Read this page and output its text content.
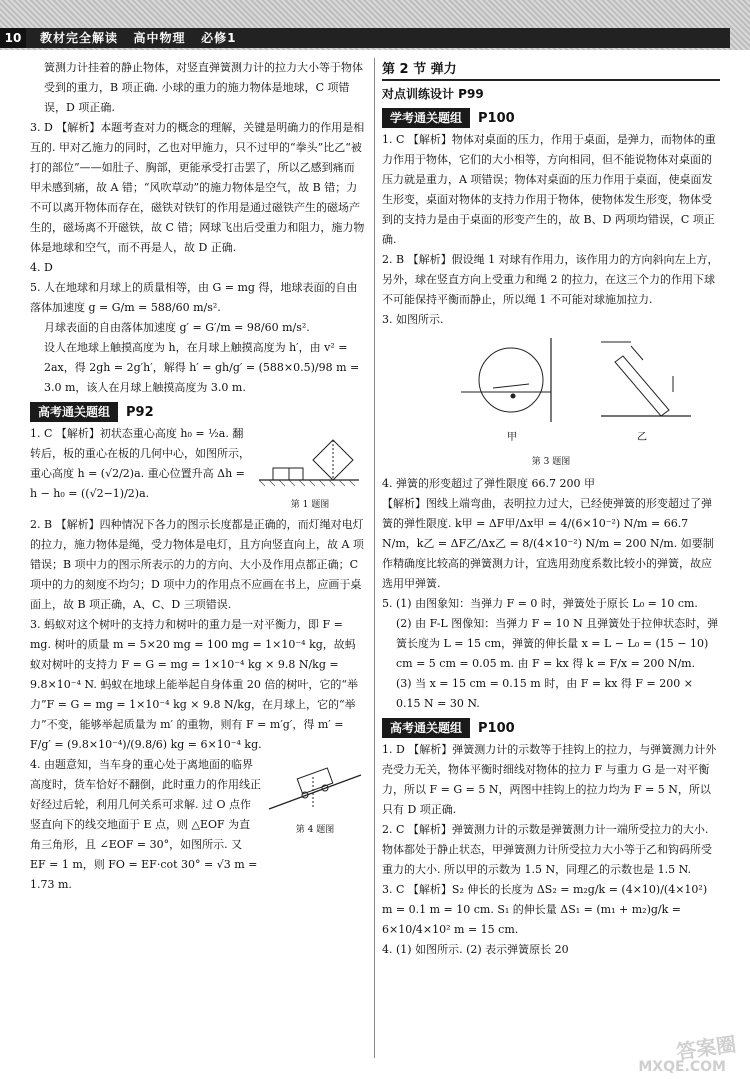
10	教材完全解读   高中物理   必修1

簧测力计挂着的静止物体，对竖直弹簧测力计的拉力大小等于物体受到的重力，B 项正确. 小球的重力的施力物体是地球，C 项错误，D 项正确.

3. D 【解析】本题考查对力的概念的理解，关键是明确力的作用是相互的. 甲对乙施力的同时，乙也对甲施力，只不过甲的“拳头”比乙“被打的部位”——如肚子、胸部，更能承受打击罢了，所以乙感到痛而甲未感到痛，故 A 错；“风吹草动”的施力物体是空气，故 B 错；力不可以离开物体而存在，磁铁对铁钉的作用是通过磁铁产生的磁场产生的，磁场离不开磁铁，故 C 错；网球飞出后受重力和阻力，施力物体是地球和空气，而不再是人，故 D 正确.

4. D

5. 人在地球和月球上的质量相等，由 G = mg 得，地球表面的自由落体加速度 g = G/m = 588/60 m/s².

月球表面的自由落体加速度 g′ = G′/m = 98/60 m/s².

设人在地球上触摸高度为 h，在月球上触摸高度为 h′，由 v² = 2ax，得 2gh = 2g′h′，解得 h′ = gh/g′ = (588×0.5)/98 m = 3.0 m，该人在月球上触摸高度为 3.0 m.

高考通关题组 P92

1. C 【解析】初状态重心高度 h₀ = ½a. 翻转后，板的重心在板的几何中心，如图所示，重心高度 h = (√2/2)a. 重心位置升高 Δh = h − h₀ = ((√2−1)/2)a.

第 1 题图

2. B 【解析】四种情况下各力的图示长度都是正确的，而灯绳对电灯的拉力，施力物体是绳，受力物体是电灯，且方向竖直向上，故 A 项错误；B 项中力的图示所表示的力的方向、大小及作用点都正确；C 项中的力的刻度不均匀；D 项中力的作用点不应画在书上，应画于桌面上，故 B 项正确，A、C、D 三项错误.

3. 蚂蚁对这个树叶的支持力和树叶的重力是一对平衡力，即 F = mg. 树叶的质量 m = 5×20 mg = 100 mg = 1×10⁻⁴ kg，故蚂蚁对树叶的支持力 F = G = mg = 1×10⁻⁴ kg × 9.8 N/kg = 9.8×10⁻⁴ N. 蚂蚁在地球上能举起自身体重 20 倍的树叶，它的“举力”F = G = mg = 1×10⁻⁴ kg × 9.8 N/kg，在月球上，它的“举力”不变，能够举起质量为 m′ 的重物，则有 F = m′g′，得 m′ = F/g′ = (9.8×10⁻⁴)/(9.8/6) kg = 6×10⁻⁴ kg.

4. 由题意知，当车身的重心处于离地面的临界高度时，货车恰好不翻倒，此时重力的作用线正好经过后轮，利用几何关系可求解. 过 O 点作竖直向下的线交地面于 E 点，则 △EOF 为直角三角形，且 ∠EOF = 30°，如图所示. 又 EF = 1 m，则 FO = EF·cot 30° = √3 m = 1.73 m.

第 4 题图
第 2 节 弹力
对点训练设计 P99
学考通关题组 P100

1. C 【解析】物体对桌面的压力，作用于桌面，是弹力，而物体的重力作用于物体，它们的大小相等，方向相同，但不能说物体对桌面的压力就是重力，A 项错误；物体对桌面的压力作用于桌面，使桌面发生形变，桌面对物体的支持力作用于物体，使物体发生形变，物体受到的支持力是由于桌面的形变产生的，故 B、D 两项均错误，C 项正确.

2. B 【解析】假设绳 1 对球有作用力，该作用力的方向斜向左上方，另外，球在竖直方向上受重力和绳 2 的拉力，在这三个力的作用下球不可能保持平衡而静止，所以绳 1 不可能对球施加拉力.

3. 如图所示.

甲	乙
第 3 题图

4. 弹簧的形变超过了弹性限度 66.7 200 甲

【解析】图线上端弯曲，表明拉力过大，已经使弹簧的形变超过了弹簧的弹性限度. k甲 = ΔF甲/Δx甲 = 4/(6×10⁻²) N/m = 66.7 N/m，k乙 = ΔF乙/Δx乙 = 8/(4×10⁻²) N/m = 200 N/m. 如要制作精确度比较高的弹簧测力计，宜选用劲度系数比较小的弹簧，故应选用甲弹簧.

5. (1) 由图象知：当弹力 F = 0 时，弹簧处于原长 L₀ = 10 cm.

(2) 由 F-L 图像知：当弹力 F = 10 N 且弹簧处于拉伸状态时，弹簧长度为 L = 15 cm，弹簧的伸长量 x = L − L₀ = (15 − 10) cm = 5 cm = 0.05 m. 由 F = kx 得 k = F/x = 200 N/m.

(3) 当 x = 15 cm = 0.15 m 时，由 F = kx 得 F = 200 × 0.15 N = 30 N.

高考通关题组 P100

1. D 【解析】弹簧测力计的示数等于挂钩上的拉力，与弹簧测力计外壳受力无关，物体平衡时细线对物体的拉力 F 与重力 G 是一对平衡力，所以 F = G = 5 N，两图中挂钩上的拉力均为 F = 5 N，所以只有 D 项正确.

2. C 【解析】弹簧测力计的示数是弹簧测力计一端所受拉力的大小. 物体都处于静止状态，甲弹簧测力计所受拉力大小等于乙和钩码所受重力的大小. 所以甲的示数为 1.5 N，同理乙的示数也是 1.5 N.

3. C 【解析】S₂ 伸长的长度为 ΔS₂ = m₂g/k = (4×10)/(4×10²) m = 0.1 m = 10 cm. S₁ 的伸长量 ΔS₁ = (m₁ + m₂)g/k = 6×10/4×10² m = 15 cm.

4. (1) 如图所示. (2) 表示弹簧原长 20

答案圈
MXQE.COM
